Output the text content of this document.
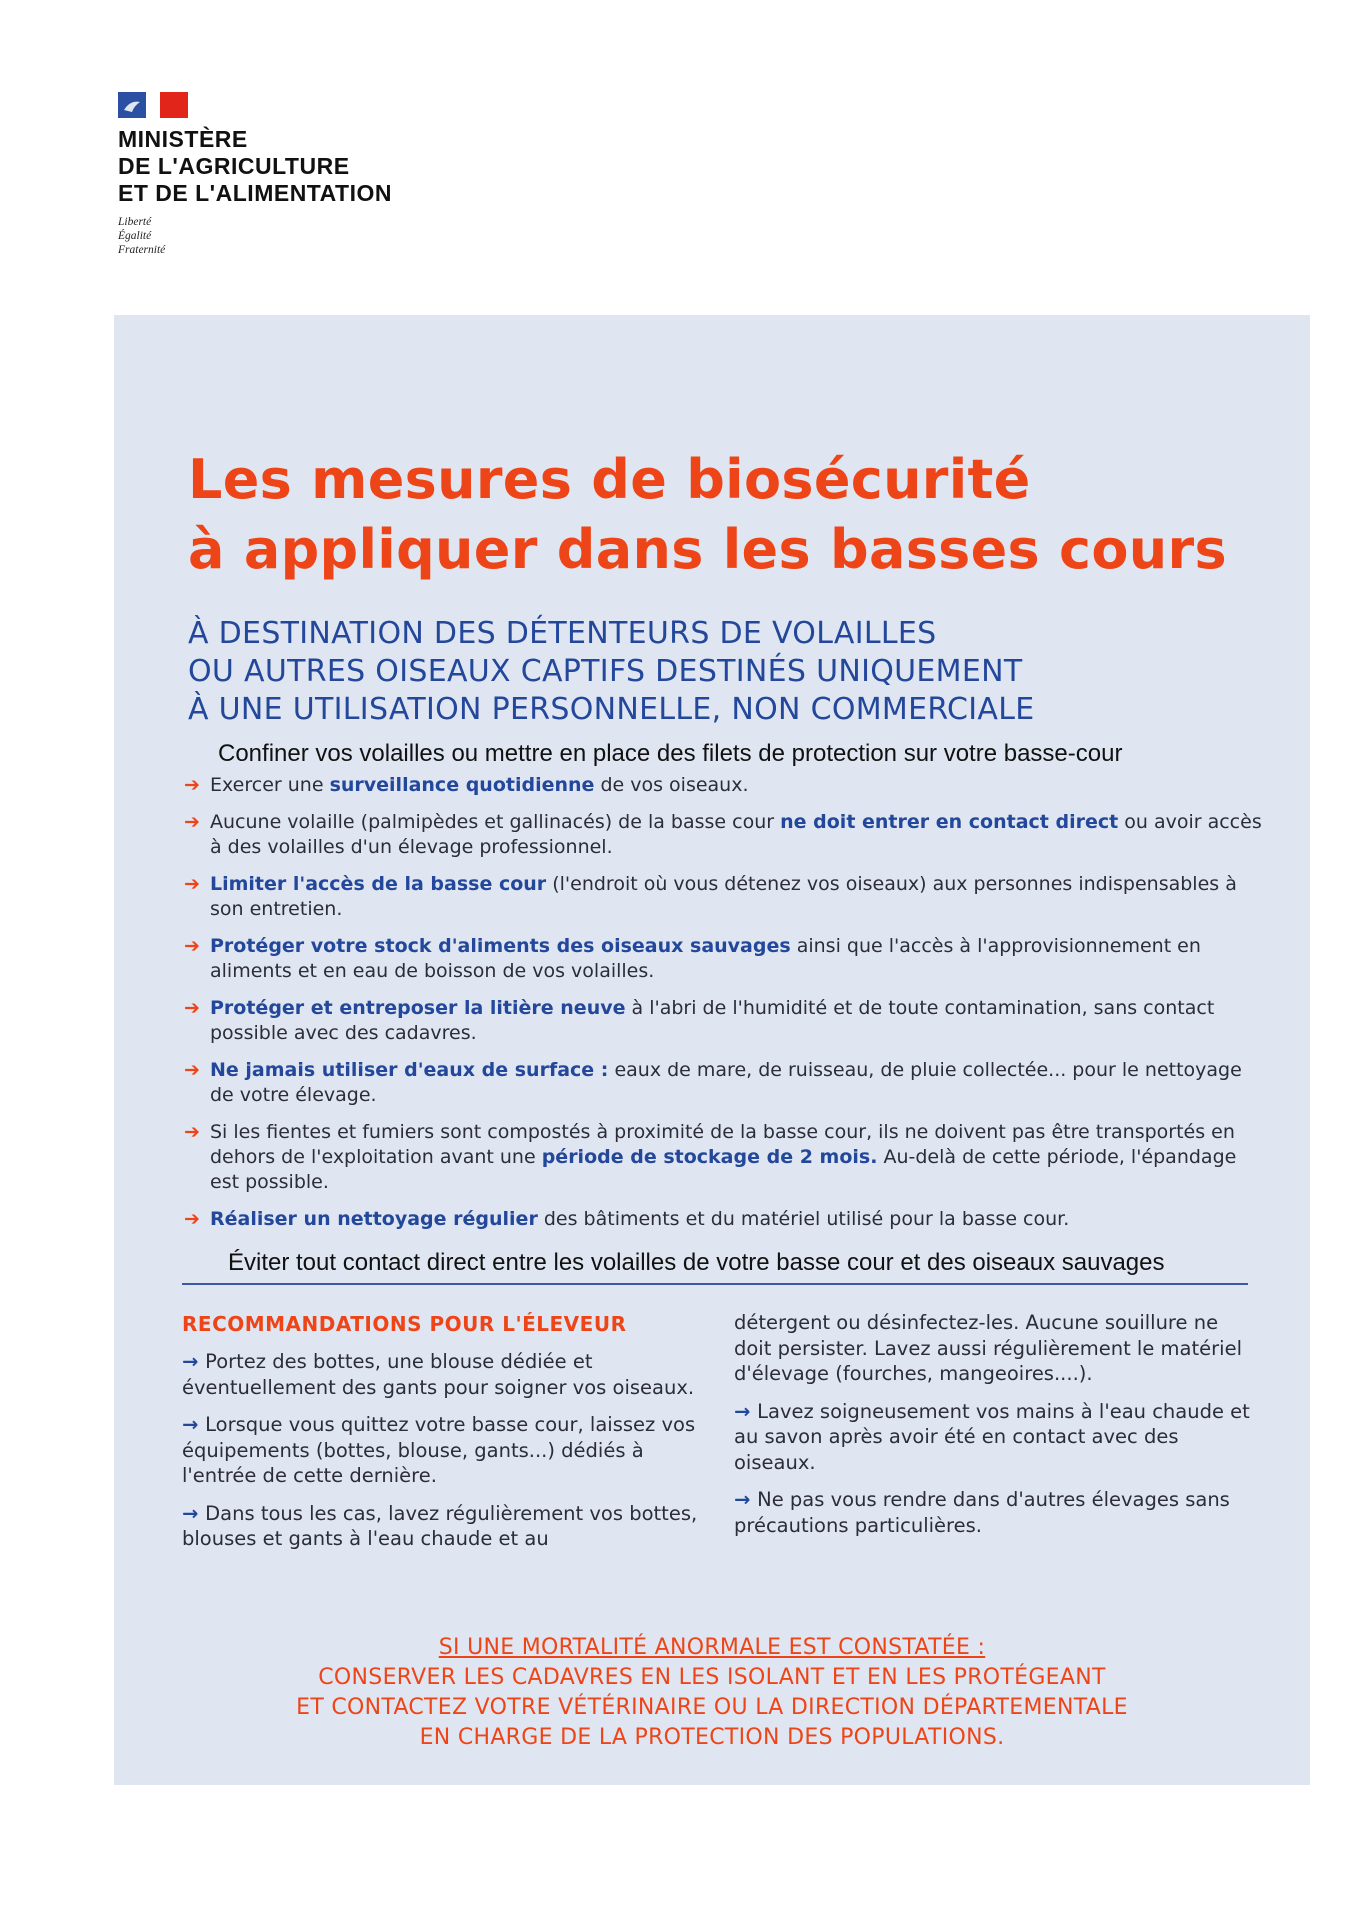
MINISTÈRE
DE L'AGRICULTURE
ET DE L'ALIMENTATION
Liberté
Égalité
Fraternité
Les mesures de biosécurité
à appliquer dans les basses cours
À DESTINATION DES DÉTENTEURS DE VOLAILLES
OU AUTRES OISEAUX CAPTIFS DESTINÉS UNIQUEMENT
À UNE UTILISATION PERSONNELLE, NON COMMERCIALE
Confiner vos volailles ou mettre en place des filets de protection sur votre basse-cour
➔ Exercer une surveillance quotidienne de vos oiseaux.
➔ Aucune volaille (palmipèdes et gallinacés) de la basse cour ne doit entrer en contact direct ou avoir accès à des volailles d'un élevage professionnel.
➔ Limiter l'accès de la basse cour (l'endroit où vous détenez vos oiseaux) aux personnes indispensables à son entretien.
➔ Protéger votre stock d'aliments des oiseaux sauvages ainsi que l'accès à l'approvisionnement en aliments et en eau de boisson de vos volailles.
➔ Protéger et entreposer la litière neuve à l'abri de l'humidité et de toute contamination, sans contact possible avec des cadavres.
➔ Ne jamais utiliser d'eaux de surface : eaux de mare, de ruisseau, de pluie collectée... pour le nettoyage de votre élevage.
➔ Si les fientes et fumiers sont compostés à proximité de la basse cour, ils ne doivent pas être transportés en dehors de l'exploitation avant une période de stockage de 2 mois. Au-delà de cette période, l'épandage est possible.
➔ Réaliser un nettoyage régulier des bâtiments et du matériel utilisé pour la basse cour.
Éviter tout contact direct entre les volailles de votre basse cour et des oiseaux sauvages
RECOMMANDATIONS POUR L'ÉLEVEUR

→ Portez des bottes, une blouse dédiée et éventuellement des gants pour soigner vos oiseaux.

→ Lorsque vous quittez votre basse cour, laissez vos équipements (bottes, blouse, gants...) dédiés à l'entrée de cette dernière.

→ Dans tous les cas, lavez régulièrement vos bottes, blouses et gants à l'eau chaude et au

détergent ou désinfectez-les. Aucune souillure ne doit persister. Lavez aussi régulièrement le matériel d'élevage (fourches, mangeoires....).

→ Lavez soigneusement vos mains à l'eau chaude et au savon après avoir été en contact avec des oiseaux.

→ Ne pas vous rendre dans d'autres élevages sans précautions particulières.

SI UNE MORTALITÉ ANORMALE EST CONSTATÉE :
CONSERVER LES CADAVRES EN LES ISOLANT ET EN LES PROTÉGEANT
ET CONTACTEZ VOTRE VÉTÉRINAIRE OU LA DIRECTION DÉPARTEMENTALE
EN CHARGE DE LA PROTECTION DES POPULATIONS.
